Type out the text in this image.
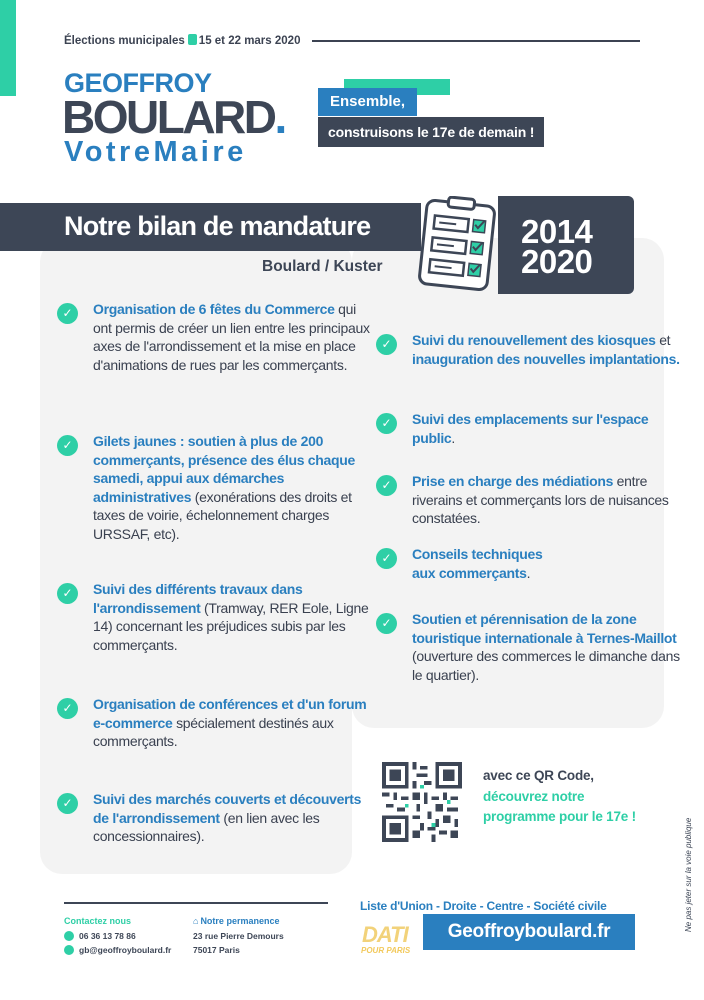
Élections municipales 15 et 22 mars 2020
GEOFFROY
BOULARD.
VotreMaire
Ensemble,
construisons le 17e de demain !
Notre bilan de mandature	2014
2020
Boulard / Kuster
✓	Organisation de 6 fêtes du Commerce qui ont permis de créer un lien entre les principaux axes de l'arrondissement et la mise en place d'animations de rues par les commerçants.

✓	Gilets jaunes : soutien à plus de 200 commerçants, présence des élus chaque samedi, appui aux démarches administratives (exonérations des droits et taxes de voirie, échelonnement charges URSSAF, etc).

✓	Suivi des différents travaux dans l'arrondissement (Tramway, RER Eole, Ligne 14) concernant les préjudices subis par les commerçants.

✓	Organisation de conférences et d'un forum e-commerce spécialement destinés aux commerçants.

✓	Suivi des marchés couverts et découverts de l'arrondissement (en lien avec les concessionnaires).

✓	Suivi du renouvellement des kiosques et inauguration des nouvelles implantations.

✓	Suivi des emplacements sur l'espace public.

✓	Prise en charge des médiations entre riverains et commerçants lors de nuisances constatées.

✓	Conseils techniques aux commerçants.

✓	Soutien et pérennisation de la zone touristique internationale à Ternes-Maillot (ouverture des commerces le dimanche dans le quartier).

avec ce QR Code,
découvrez notre
programme pour le 17e !
Ne pas jeter sur la voie publique
Contactez nous
06 36 13 78 86
gb@geoffroyboulard.fr
⌂ Notre permanence
23 rue Pierre Demours
75017 Paris
Liste d'Union - Droite - Centre - Société civile
DATI
POUR PARIS
Geoffroyboulard.fr
